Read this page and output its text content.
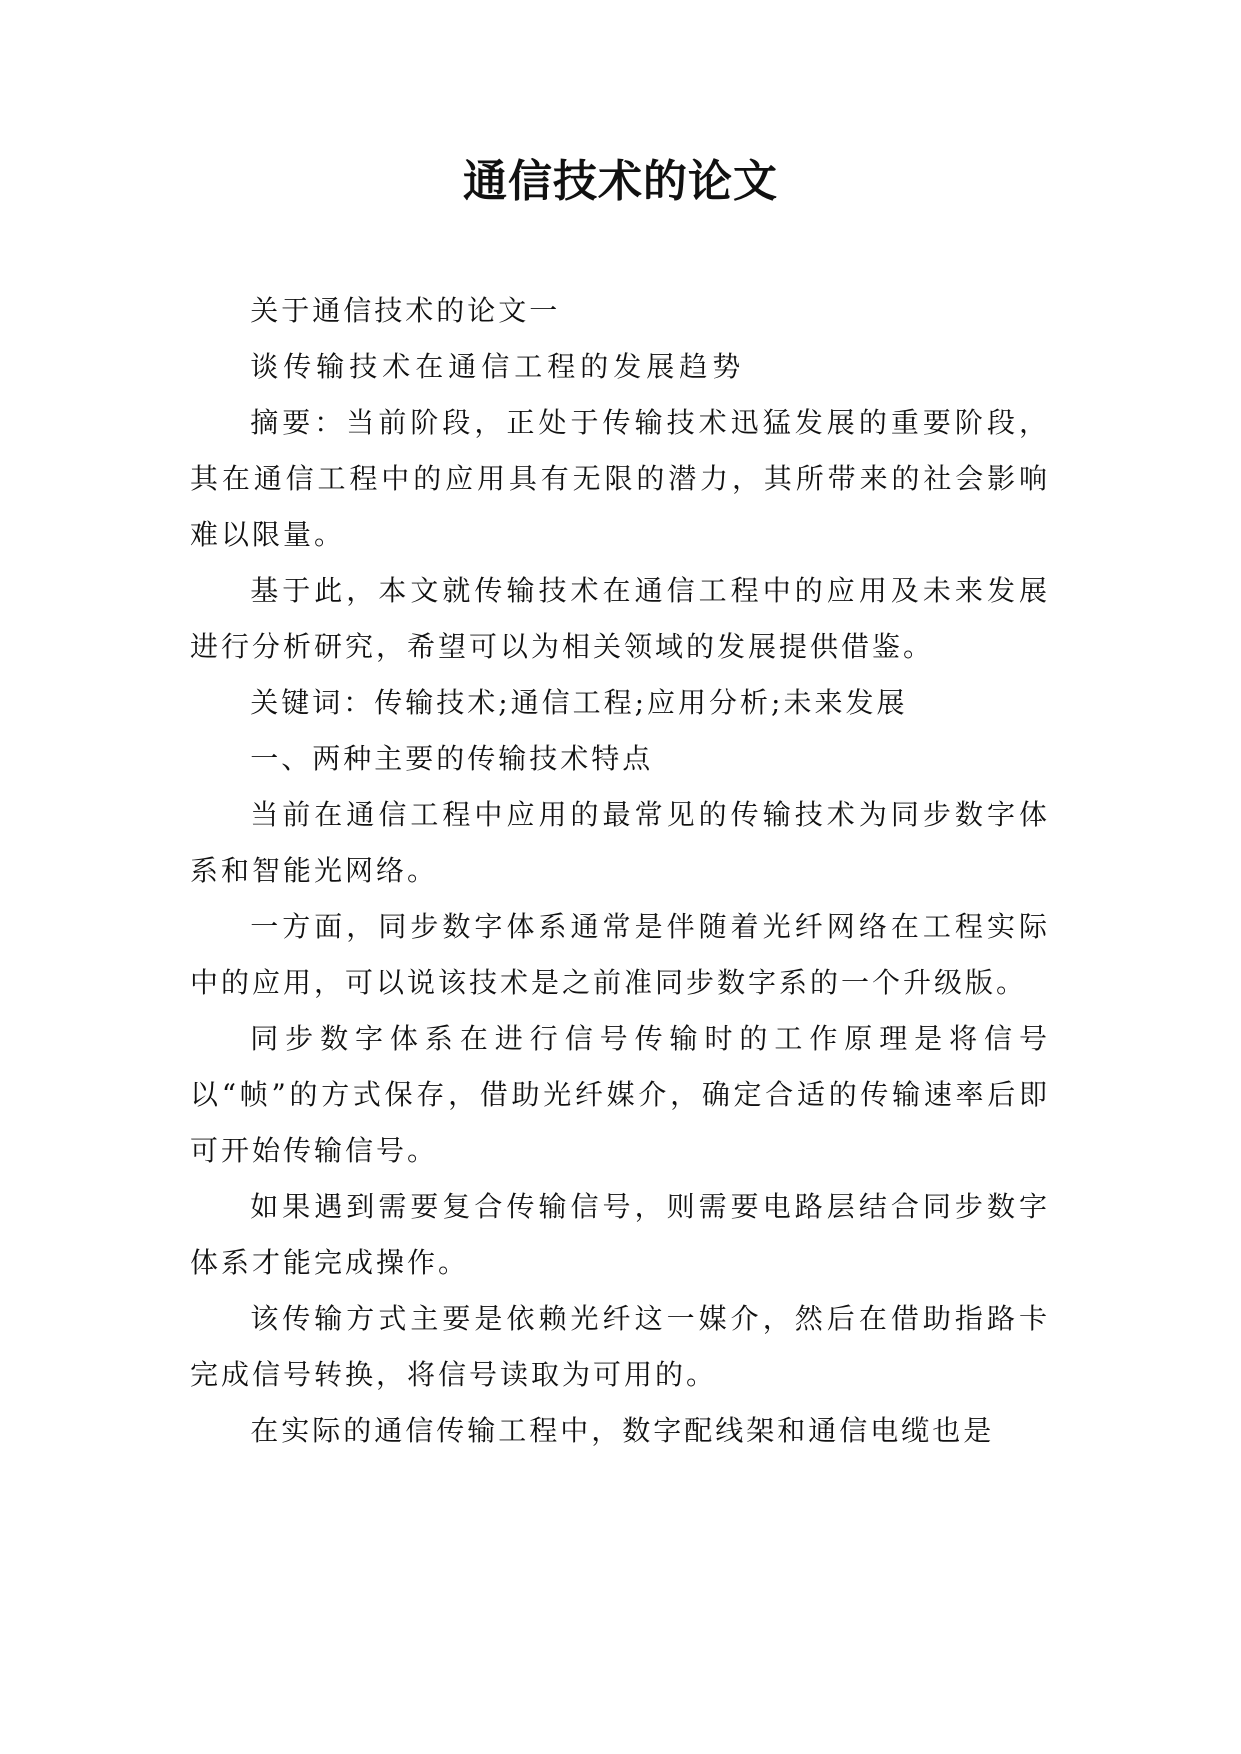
通信技术的论文

关于通信技术的论文一

谈传输技术在通信工程的发展趋势

摘要：当前阶段，正处于传输技术迅猛发展的重要阶段，其在通信工程中的应用具有无限的潜力，其所带来的社会影响难以限量。

基于此，本文就传输技术在通信工程中的应用及未来发展进行分析研究，希望可以为相关领域的发展提供借鉴。

关键词：传输技术;通信工程;应用分析;未来发展

一、两种主要的传输技术特点

当前在通信工程中应用的最常见的传输技术为同步数字体系和智能光网络。

一方面，同步数字体系通常是伴随着光纤网络在工程实际中的应用，可以说该技术是之前准同步数字系的一个升级版。

同步数字体系在进行信号传输时的工作原理是将信号以“帧”的方式保存，借助光纤媒介，确定合适的传输速率后即可开始传输信号。

如果遇到需要复合传输信号，则需要电路层结合同步数字体系才能完成操作。

该传输方式主要是依赖光纤这一媒介，然后在借助指路卡完成信号转换，将信号读取为可用的。

在实际的通信传输工程中，数字配线架和通信电缆也是
